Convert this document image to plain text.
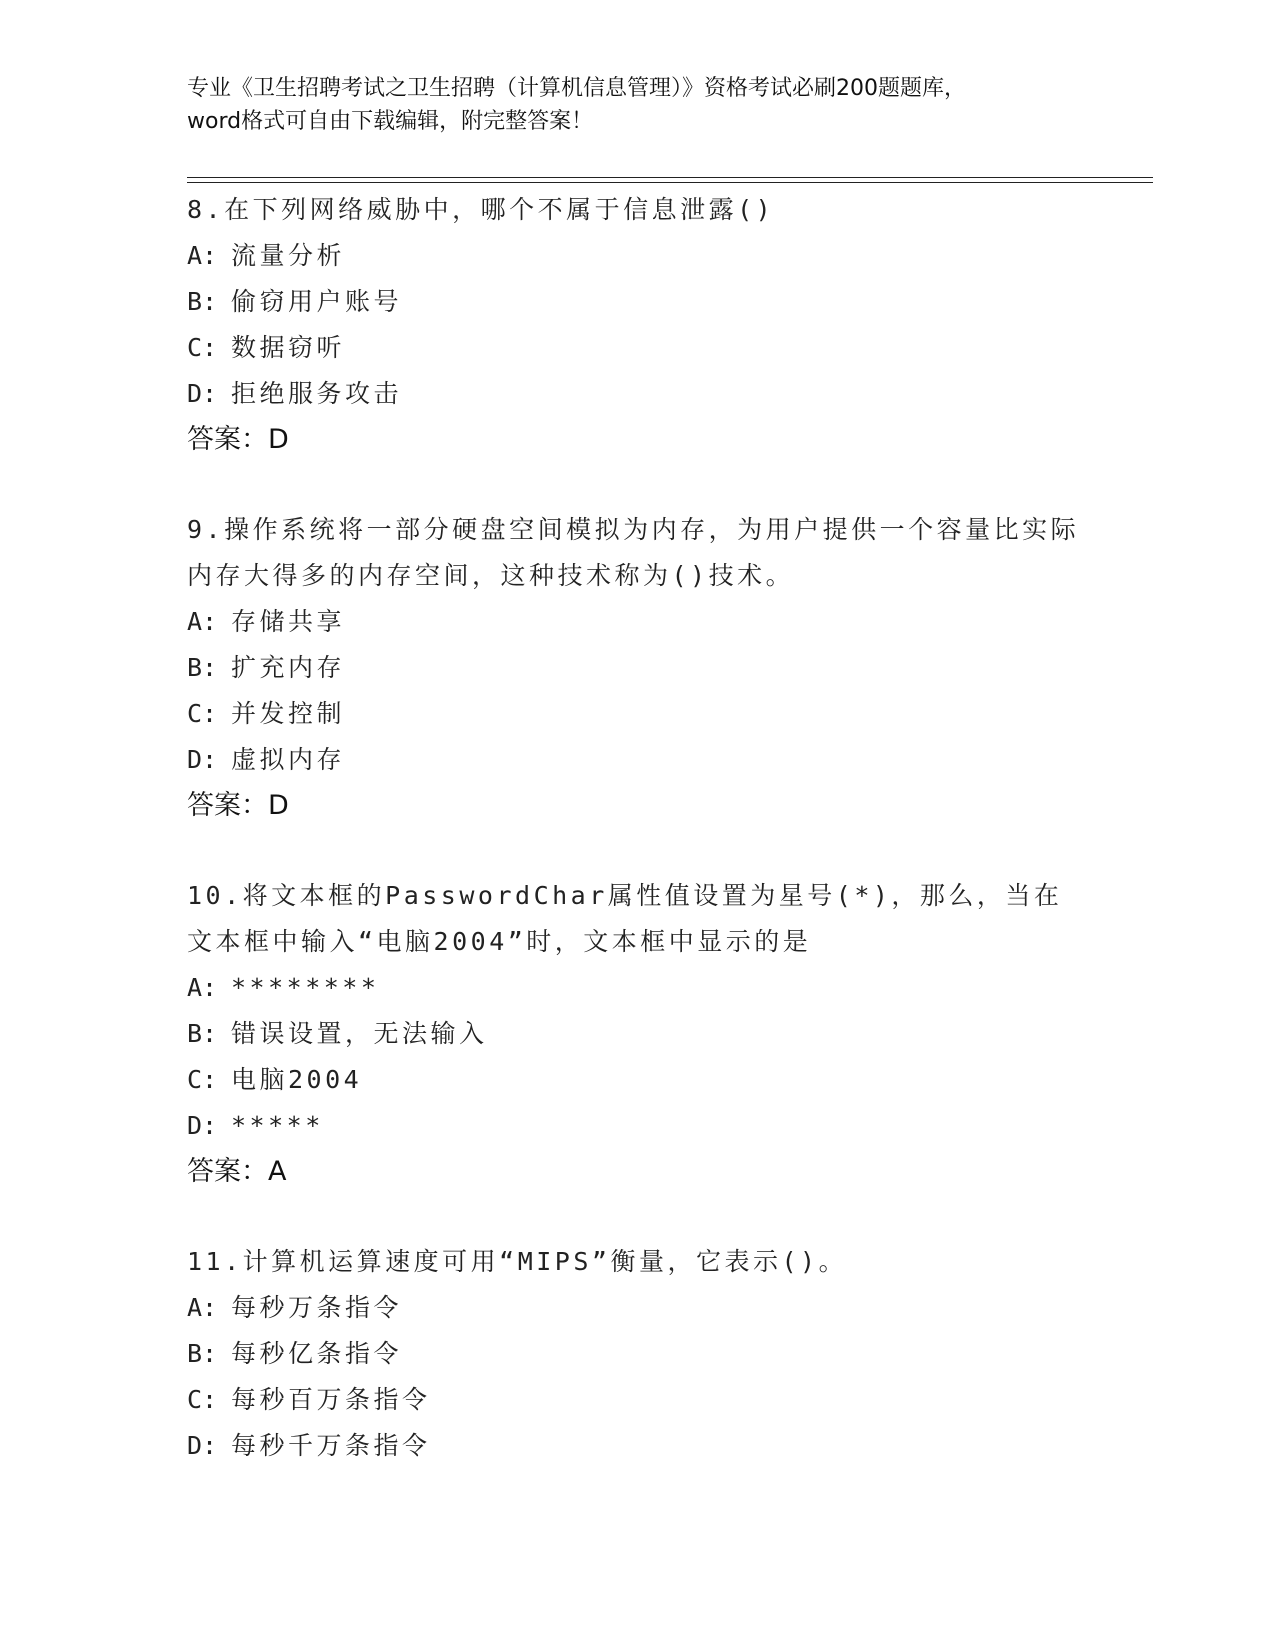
专业《卫生招聘考试之卫生招聘（计算机信息管理）》资格考试必刷200题题库，
word格式可自由下载编辑，附完整答案！

8.在下列网络威胁中，哪个不属于信息泄露()

A: 流量分析

B: 偷窃用户账号

C: 数据窃听

D: 拒绝服务攻击

答案：D

9.操作系统将一部分硬盘空间模拟为内存，为用户提供一个容量比实际内存大得多的内存空间，这种技术称为()技术。

A: 存储共享

B: 扩充内存

C: 并发控制

D: 虚拟内存

答案：D

10.将文本框的PasswordChar属性值设置为星号(*)，那么，当在文本框中输入“电脑2004”时，文本框中显示的是

A: ********

B: 错误设置，无法输入

C: 电脑2004

D: *****

答案：A

11.计算机运算速度可用“MIPS”衡量，它表示()。

A: 每秒万条指令

B: 每秒亿条指令

C: 每秒百万条指令

D: 每秒千万条指令
